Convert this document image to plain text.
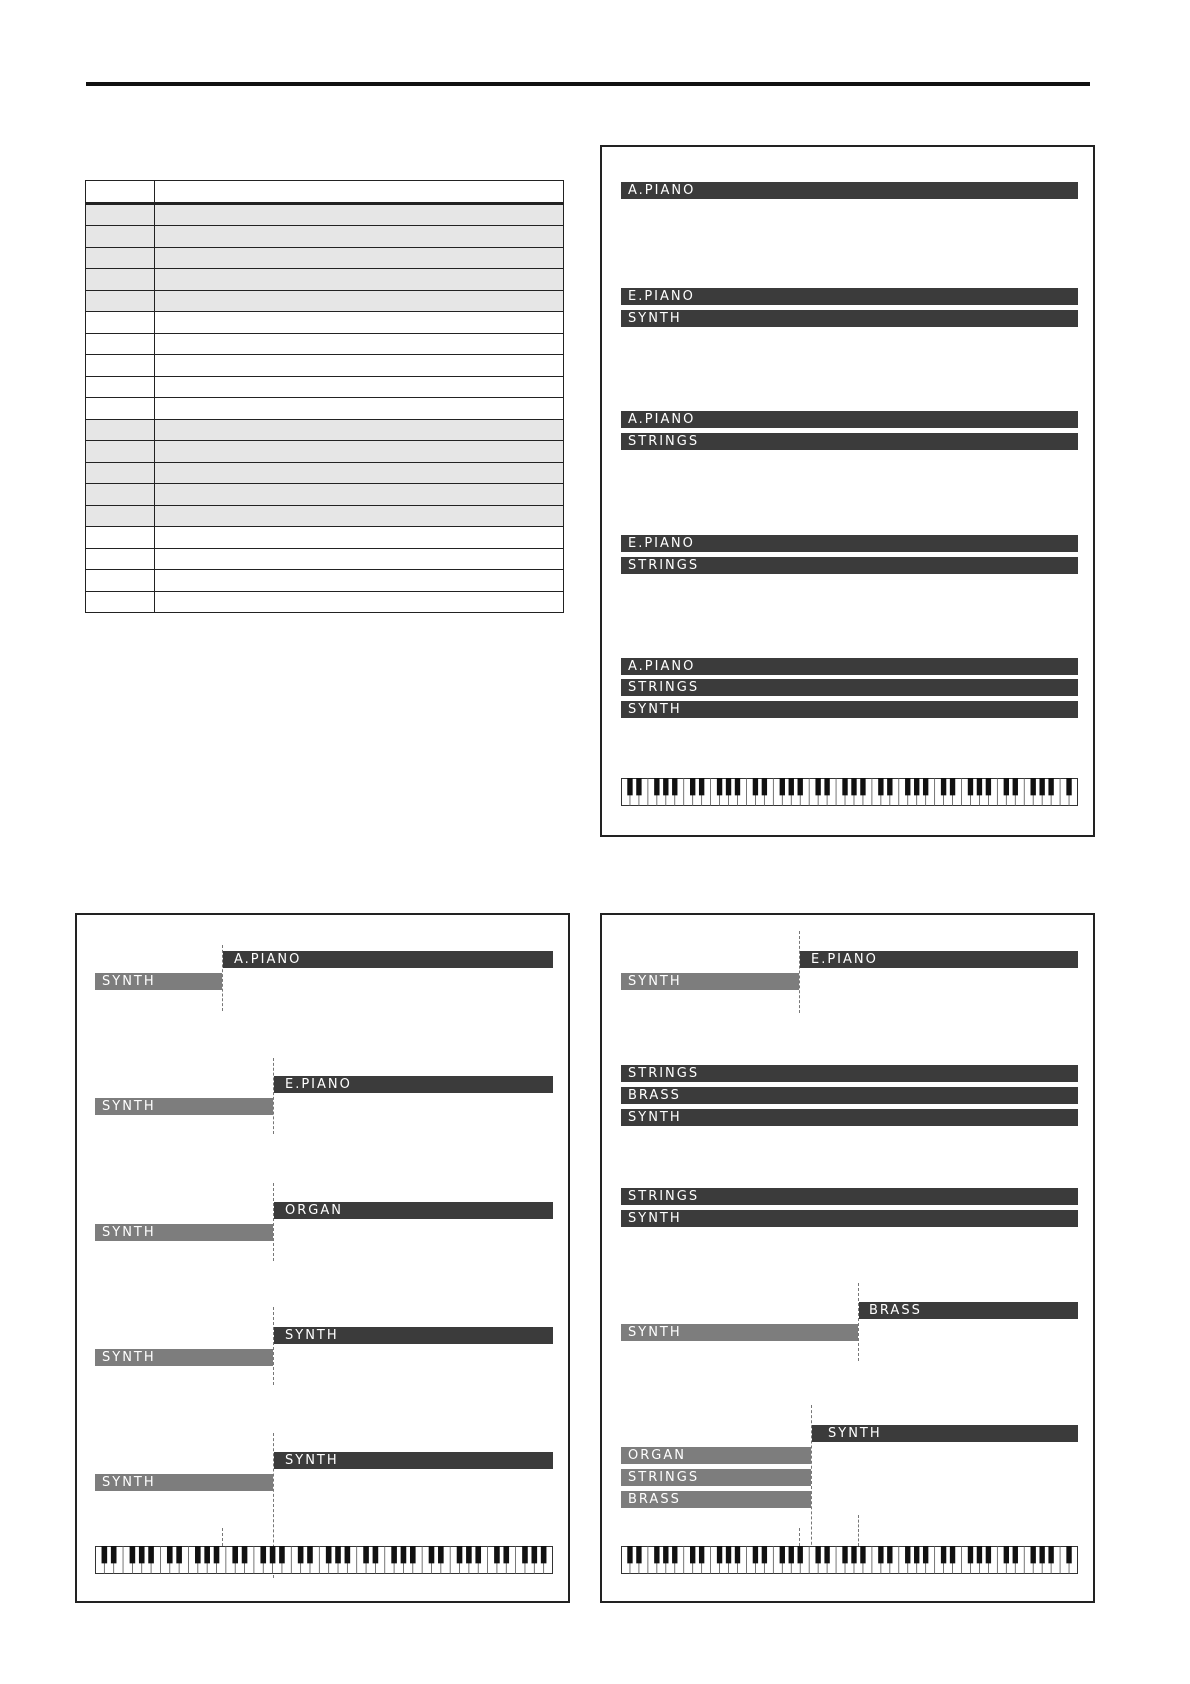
A.PIANO
E.PIANO
SYNTH
A.PIANO
STRINGS
E.PIANO
STRINGS
A.PIANO
STRINGS
SYNTH
A.PIANO
SYNTH
E.PIANO
SYNTH
ORGAN
SYNTH
SYNTH
SYNTH
SYNTH
SYNTH
E.PIANO
SYNTH
STRINGS
BRASS
SYNTH
STRINGS
SYNTH
BRASS
SYNTH
SYNTH
ORGAN
STRINGS
BRASS
